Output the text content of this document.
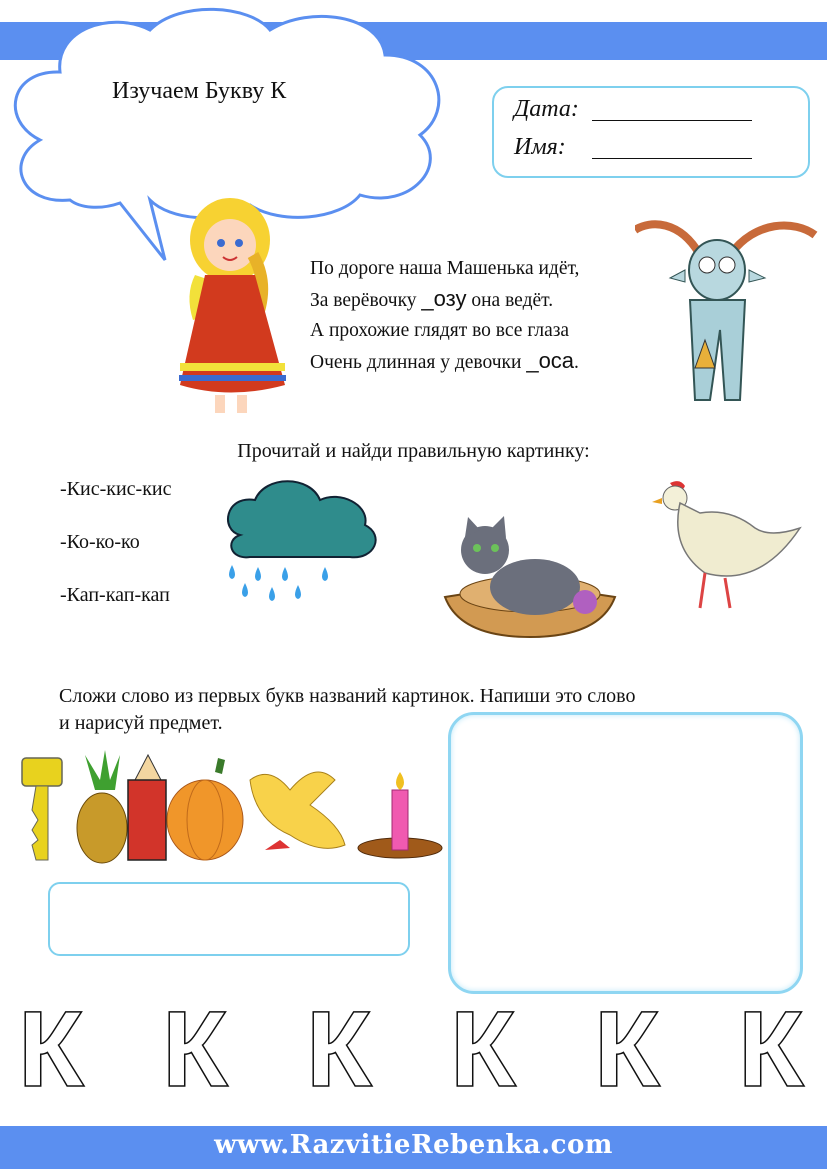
www.RazvitieRebenka.com
Изучаем Букву К
Дата:
Имя:
По дороге наша Машенька идёт,
За верёвочку _озу она ведёт.
А прохожие глядят во все глаза
Очень длинная у девочки _оса.
Прочитай и найди правильную картинку:
-Кис-кис-кис
-Ко-ко-ко
-Кап-кап-кап
Сложи слово из первых букв названий картинок. Напиши это слово
и нарисуй предмет.
К К К К К К
